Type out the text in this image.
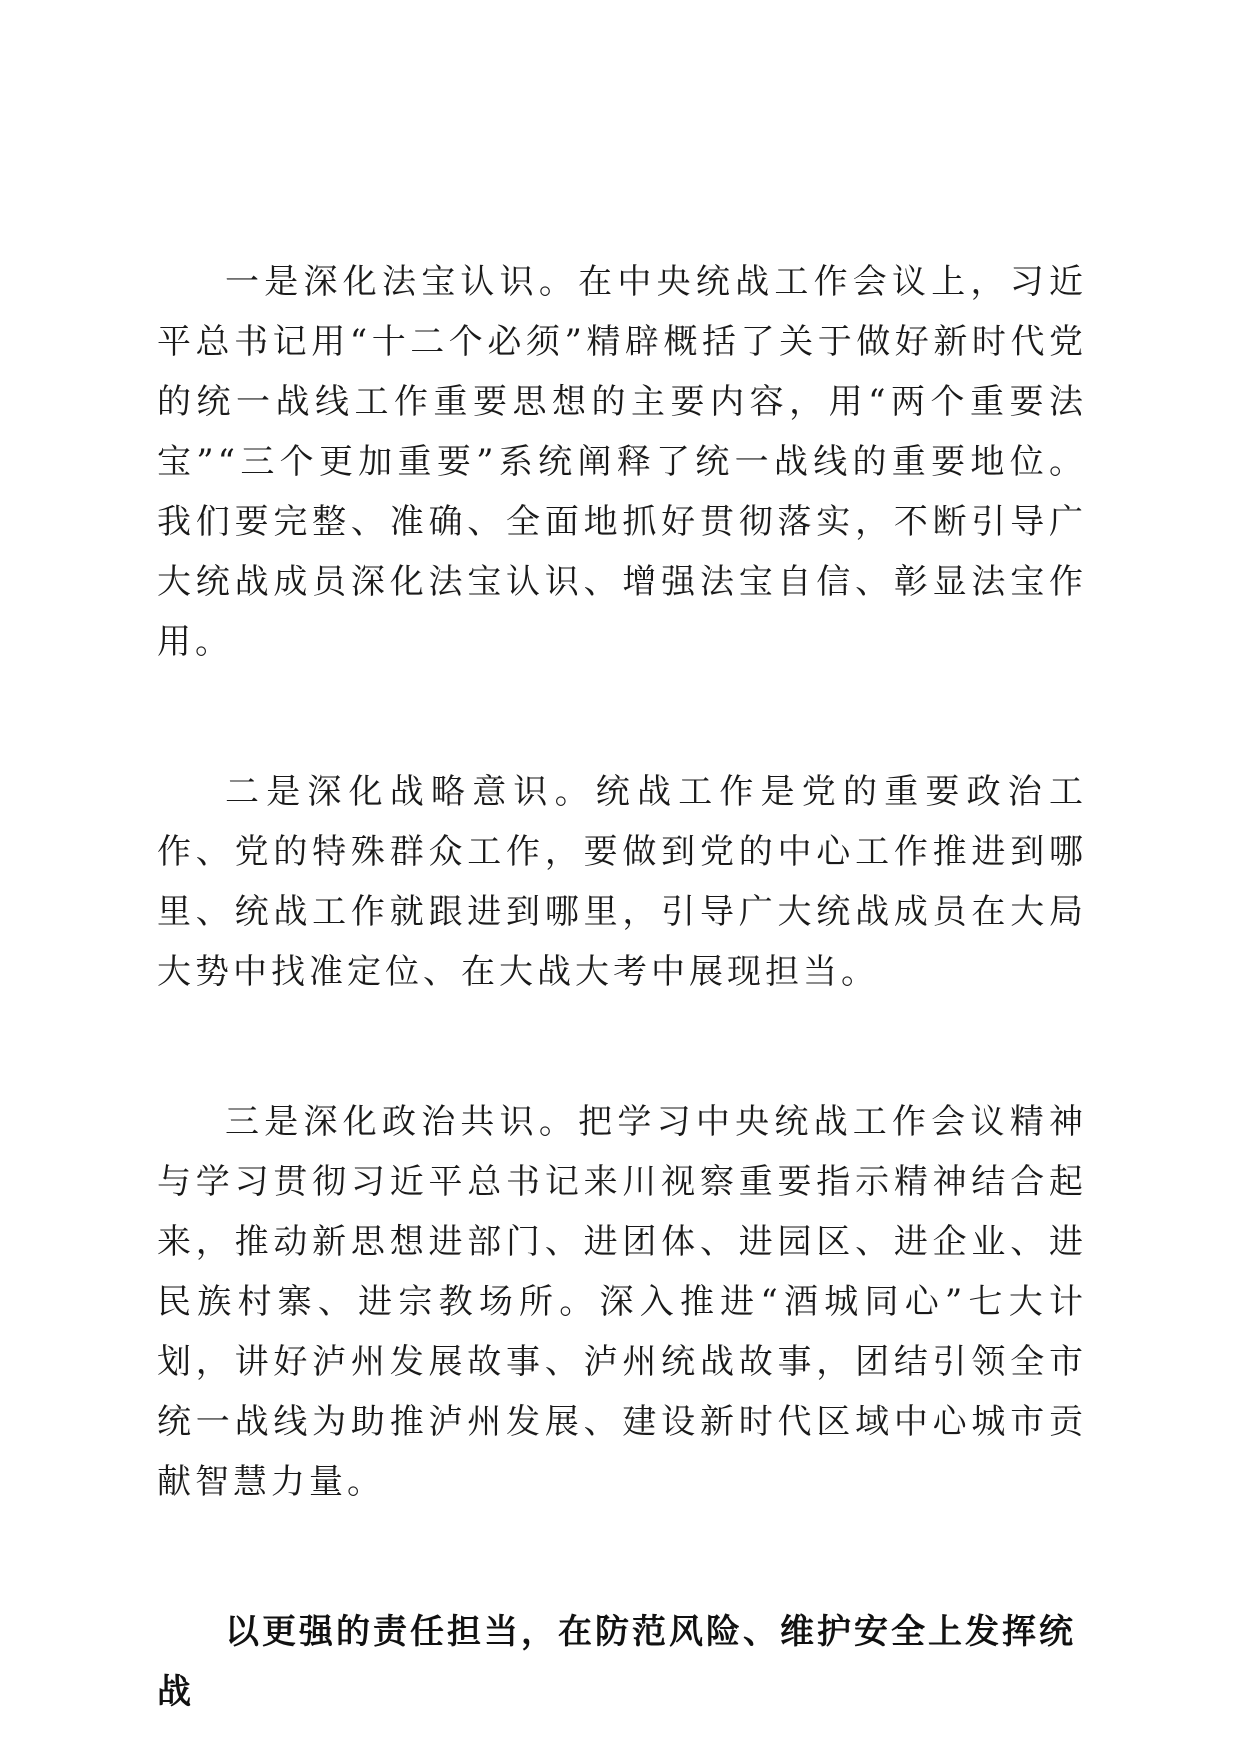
一是深化法宝认识。在中央统战工作会议上，习近平总书记用“十二个必须”精辟概括了关于做好新时代党的统一战线工作重要思想的主要内容，用“两个重要法宝”“三个更加重要”系统阐释了统一战线的重要地位。我们要完整、准确、全面地抓好贯彻落实，不断引导广大统战成员深化法宝认识、增强法宝自信、彰显法宝作用。

二是深化战略意识。统战工作是党的重要政治工作、党的特殊群众工作，要做到党的中心工作推进到哪里、统战工作就跟进到哪里，引导广大统战成员在大局大势中找准定位、在大战大考中展现担当。

三是深化政治共识。把学习中央统战工作会议精神与学习贯彻习近平总书记来川视察重要指示精神结合起来，推动新思想进部门、进团体、进园区、进企业、进民族村寨、进宗教场所。深入推进“酒城同心”七大计划，讲好泸州发展故事、泸州统战故事，团结引领全市统一战线为助推泸州发展、建设新时代区域中心城市贡献智慧力量。

以更强的责任担当，在防范风险、维护安全上发挥统战
